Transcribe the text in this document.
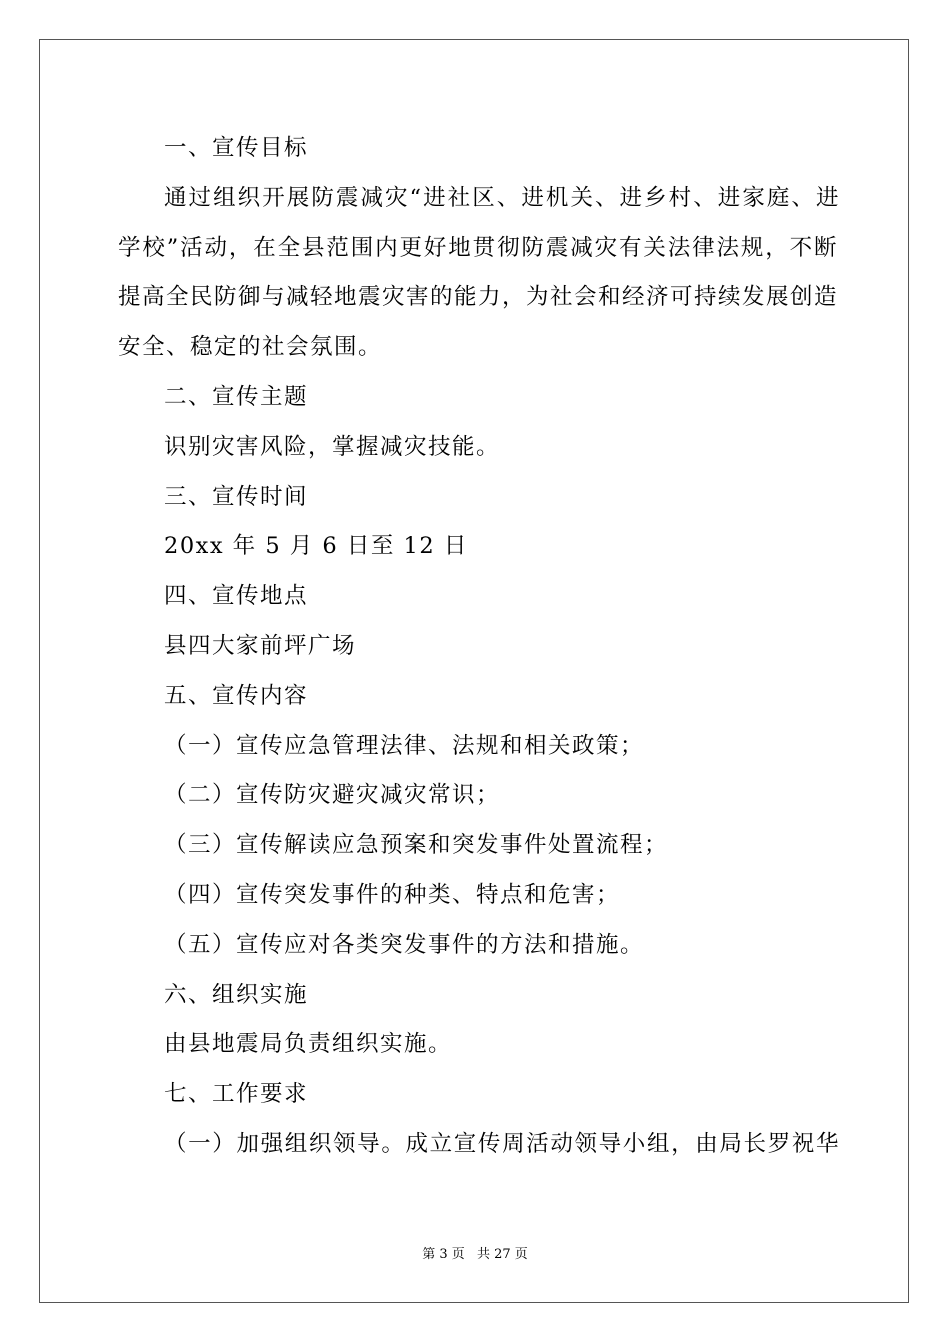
一、宣传目标
通过组织开展防震减灾“进社区、进机关、进乡村、进家庭、进
学校”活动，在全县范围内更好地贯彻防震减灾有关法律法规，不断
提高全民防御与减轻地震灾害的能力，为社会和经济可持续发展创造
安全、稳定的社会氛围。
二、宣传主题
识别灾害风险，掌握减灾技能。
三、宣传时间
20xx 年 5 月 6 日至 12 日
四、宣传地点
县四大家前坪广场
五、宣传内容
（一）宣传应急管理法律、法规和相关政策；
（二）宣传防灾避灾减灾常识；
（三）宣传解读应急预案和突发事件处置流程；
（四）宣传突发事件的种类、特点和危害；
（五）宣传应对各类突发事件的方法和措施。
六、组织实施
由县地震局负责组织实施。
七、工作要求
（一）加强组织领导。成立宣传周活动领导小组，由局长罗祝华
第 3 页 共 27 页
